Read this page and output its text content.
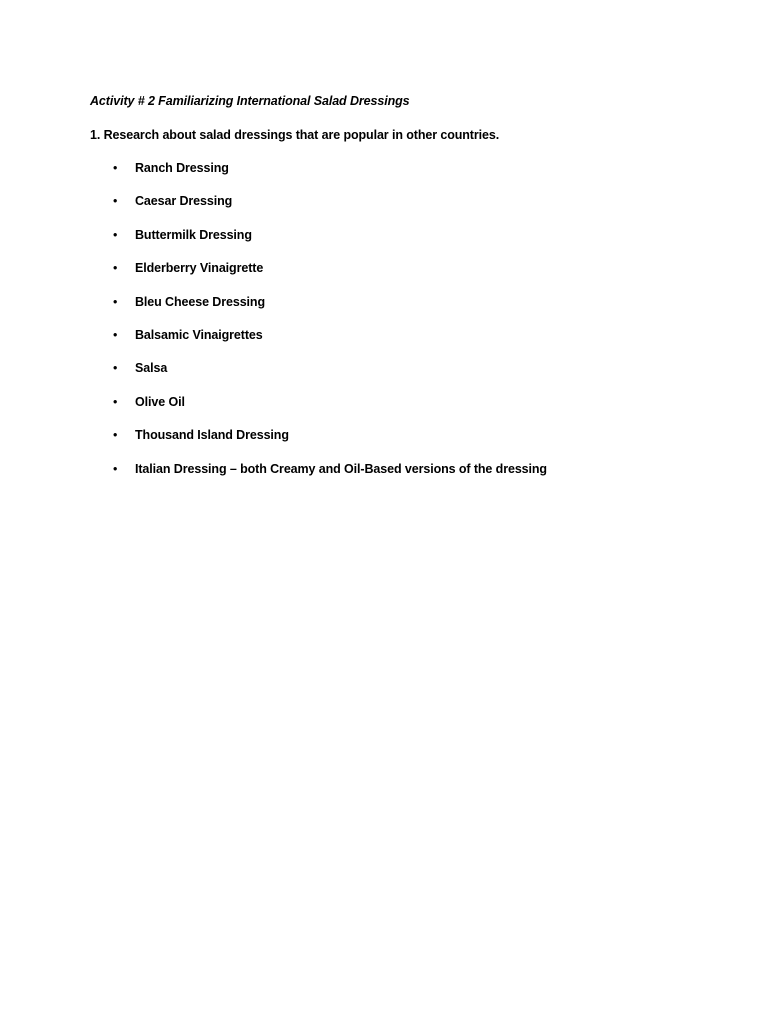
Activity # 2 Familiarizing International Salad Dressings
1. Research about salad dressings that are popular in other countries.
• Ranch Dressing
• Caesar Dressing
• Buttermilk Dressing
• Elderberry Vinaigrette
• Bleu Cheese Dressing
• Balsamic Vinaigrettes
• Salsa
• Olive Oil
• Thousand Island Dressing
• Italian Dressing – both Creamy and Oil-Based versions of the dressing
